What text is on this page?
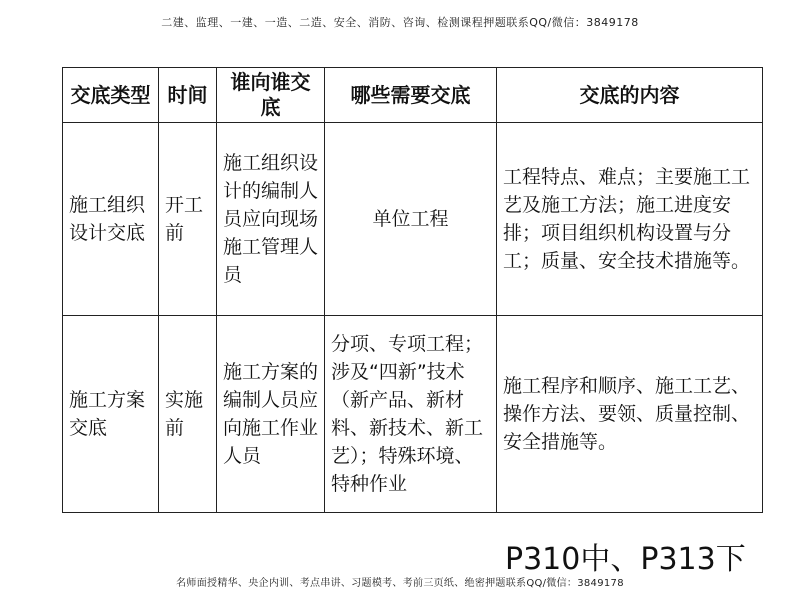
二建、监理、一建、一造、二造、安全、消防、咨询、检测课程押题联系QQ/微信：3849178
交底类型	时间	谁向谁交底	哪些需要交底	交底的内容
施工组织设计交底	开工前	施工组织设计的编制人员应向现场施工管理人员	单位工程	工程特点、难点；主要施工工艺及施工方法；施工进度安排；项目组织机构设置与分工；质量、安全技术措施等。
施工方案交底	实施前	施工方案的编制人员应向施工作业人员	分项、专项工程；涉及“四新”技术（新产品、新材料、新技术、新工艺）；特殊环境、特种作业	施工程序和顺序、施工工艺、操作方法、要领、质量控制、安全措施等。
P310中、P313下
名师面授精华、央企内训、考点串讲、习题模考、考前三页纸、绝密押题联系QQ/微信：3849178
